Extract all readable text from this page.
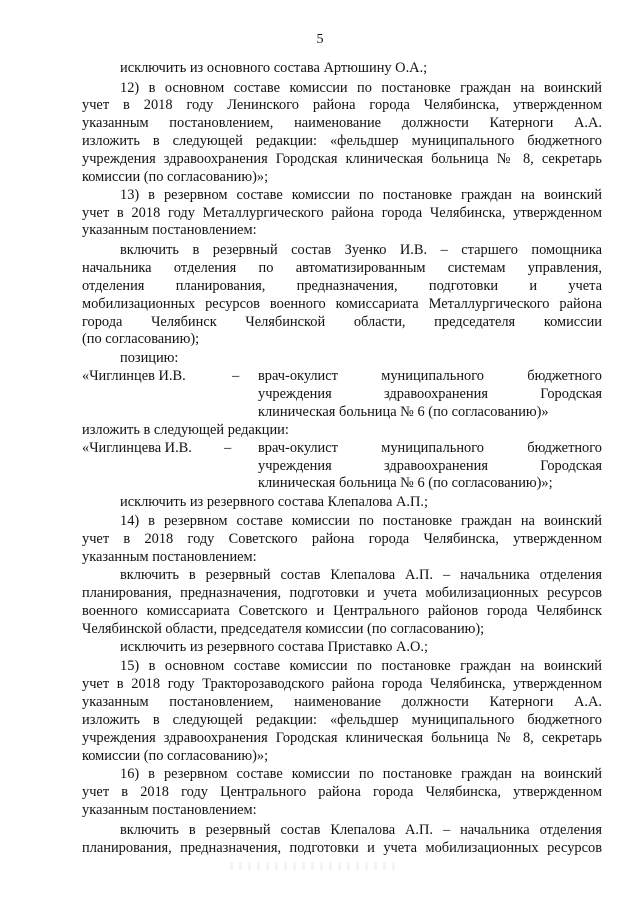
5
исключить из основного состава Артюшину О.А.;
12) в основном составе комиссии по постановке граждан на воинский
учет в 2018 году Ленинского района города Челябинска, утвержденном
указанным постановлением, наименование должности Катерноги А.А.
изложить в следующей редакции: «фельдшер муниципального бюджетного
учреждения здравоохранения Городская клиническая больница № 8, секретарь
комиссии (по согласованию)»;
13) в резервном составе комиссии по постановке граждан на воинский
учет в 2018 году Металлургического района города Челябинска, утвержденном
указанным постановлением:
включить в резервный состав Зуенко И.В. – старшего помощника
начальника отделения по автоматизированным системам управления,
отделения планирования, предназначения, подготовки и учета
мобилизационных ресурсов военного комиссариата Металлургического района
города Челябинск Челябинской области, председателя комиссии
(по согласованию);
позицию:
«Чиглинцев И.В.	– врач-окулист муниципального бюджетного
учреждения здравоохранения Городская
клиническая больница № 6 (по согласованию)»
изложить в следующей редакции:
«Чиглинцева И.В. – врач-окулист муниципального бюджетного
учреждения здравоохранения Городская
клиническая больница № 6 (по согласованию)»;
исключить из резервного состава Клепалова А.П.;
14) в резервном составе комиссии по постановке граждан на воинский
учет в 2018 году Советского района города Челябинска, утвержденном
указанным постановлением:
включить в резервный состав Клепалова А.П. – начальника отделения
планирования, предназначения, подготовки и учета мобилизационных ресурсов
военного комиссариата Советского и Центрального районов города Челябинск
Челябинской области, председателя комиссии (по согласованию);
исключить из резервного состава Приставко А.О.;
15) в основном составе комиссии по постановке граждан на воинский
учет в 2018 году Тракторозаводского района города Челябинска, утвержденном
указанным постановлением, наименование должности Катерноги А.А.
изложить в следующей редакции: «фельдшер муниципального бюджетного
учреждения здравоохранения Городская клиническая больница № 8, секретарь
комиссии (по согласованию)»;
16) в резервном составе комиссии по постановке граждан на воинский
учет в 2018 году Центрального района города Челябинска, утвержденном
указанным постановлением:
включить в резервный состав Клепалова А.П. – начальника отделения
планирования, предназначения, подготовки и учета мобилизационных ресурсов
